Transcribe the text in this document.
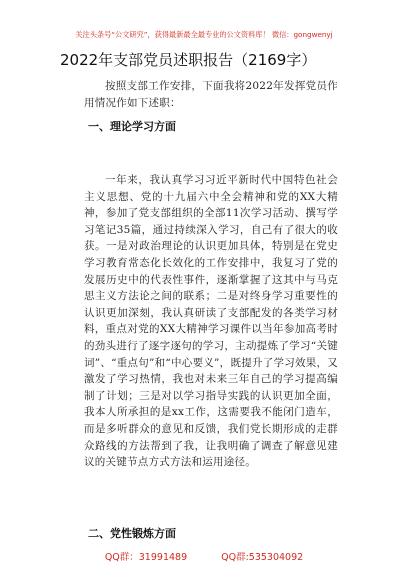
关注头条号“公文研究”，获得最新最全最专业的公文资料库！ 微信：gongwenyj
2022年支部党员述职报告（2169字）

按照支部工作安排，下面我将2022年发挥党员作用情况作如下述职：

一、理论学习方面

一年来，我认真学习习近平新时代中国特色社会主义思想、党的十九届六中全会精神和党的XX大精神，参加了党支部组织的全部11次学习活动、撰写学习笔记35篇，通过持续深入学习，自己有了很大的收获。一是对政治理论的认识更加具体，特别是在党史学习教育常态化长效化的工作安排中，我复习了党的发展历史中的代表性事件，逐渐掌握了这其中与马克思主义方法论之间的联系；二是对终身学习重要性的认识更加深刻，我认真研读了支部配发的各类学习材料，重点对党的XX大精神学习课件以当年参加高考时的劲头进行了逐字逐句的学习，主动提炼了学习“关键词”、“重点句”和“中心要义”，既提升了学习效果，又激发了学习热情，我也对未来三年自己的学习提高编制了计划；三是对以学习指导实践的认识更加全面，我本人所承担的是xx工作，这需要我不能闭门造车，而是多听群众的意见和反馈，我们党长期形成的走群众路线的方法帮到了我，让我明确了调查了解意见建议的关键节点方式方法和运用途径。

二、党性锻炼方面
QQ群：31991489	QQ群:535304092
